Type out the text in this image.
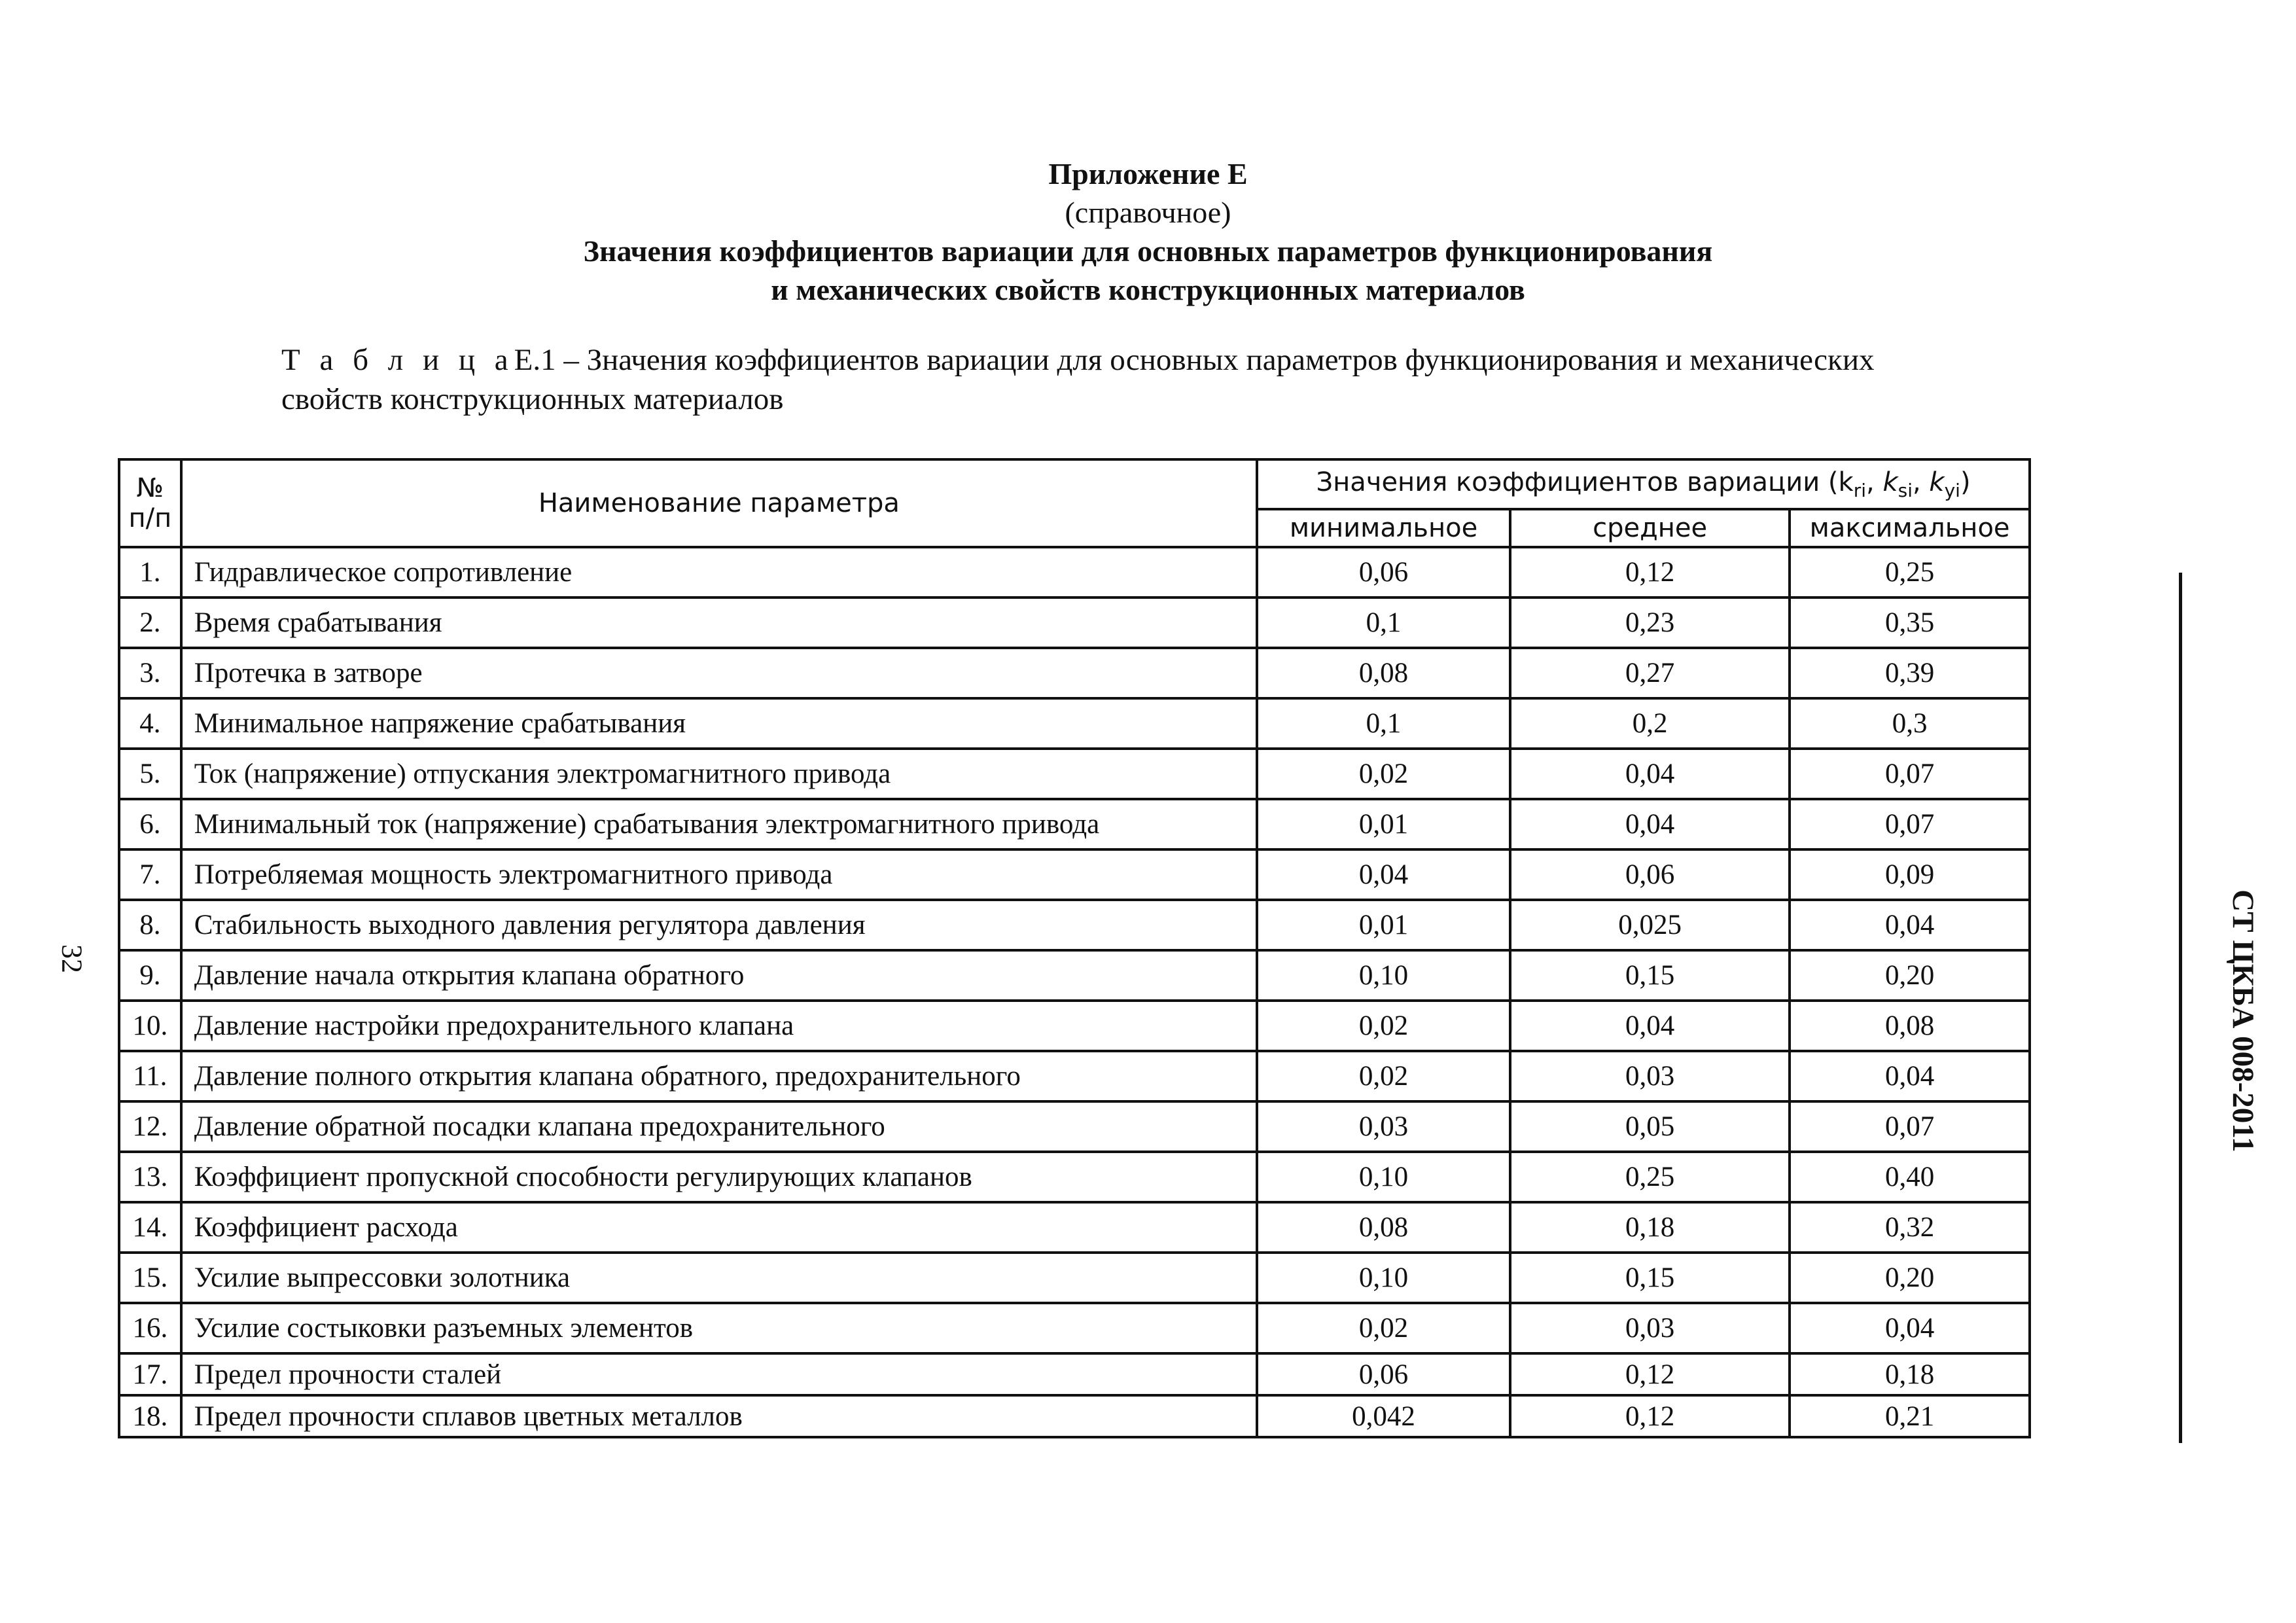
Приложение Е
(справочное)
Значения коэффициентов вариации для основных параметров функционирования
и механических свойств конструкционных материалов
Т а б л и ц аЕ.1 – Значения коэффициентов вариации для основных параметров функционирования и механических
свойств конструкционных материалов
№
п/п	Наименование параметра	Значения коэффициентов вариации ($k_{ri}$, $k_{si}$, $k_{yi}$)		
		минимальное	среднее	максимальное
1.	Гидравлическое сопротивление	0,06	0,12	0,25
2.	Время срабатывания	0,1	0,23	0,35
3.	Протечка в затворе	0,08	0,27	0,39
4.	Минимальное напряжение срабатывания	0,1	0,2	0,3
5.	Ток (напряжение) отпускания электромагнитного привода	0,02	0,04	0,07
6.	Минимальный ток (напряжение) срабатывания электромагнитного привода	0,01	0,04	0,07
7.	Потребляемая мощность электромагнитного привода	0,04	0,06	0,09
8.	Стабильность выходного давления регулятора давления	0,01	0,025	0,04
9.	Давление начала открытия клапана обратного	0,10	0,15	0,20
10.	Давление настройки предохранительного клапана	0,02	0,04	0,08
11.	Давление полного открытия клапана обратного, предохранительного	0,02	0,03	0,04
12.	Давление обратной посадки клапана предохранительного	0,03	0,05	0,07
13.	Коэффициент пропускной способности регулирующих клапанов	0,10	0,25	0,40
14.	Коэффициент расхода	0,08	0,18	0,32
15.	Усилие выпрессовки золотника	0,10	0,15	0,20
16.	Усилие состыковки разъемных элементов	0,02	0,03	0,04
17.	Предел прочности сталей	0,06	0,12	0,18
18.	Предел прочности сплавов цветных металлов	0,042	0,12	0,21
СТ ЦКБА 008-2011
32
